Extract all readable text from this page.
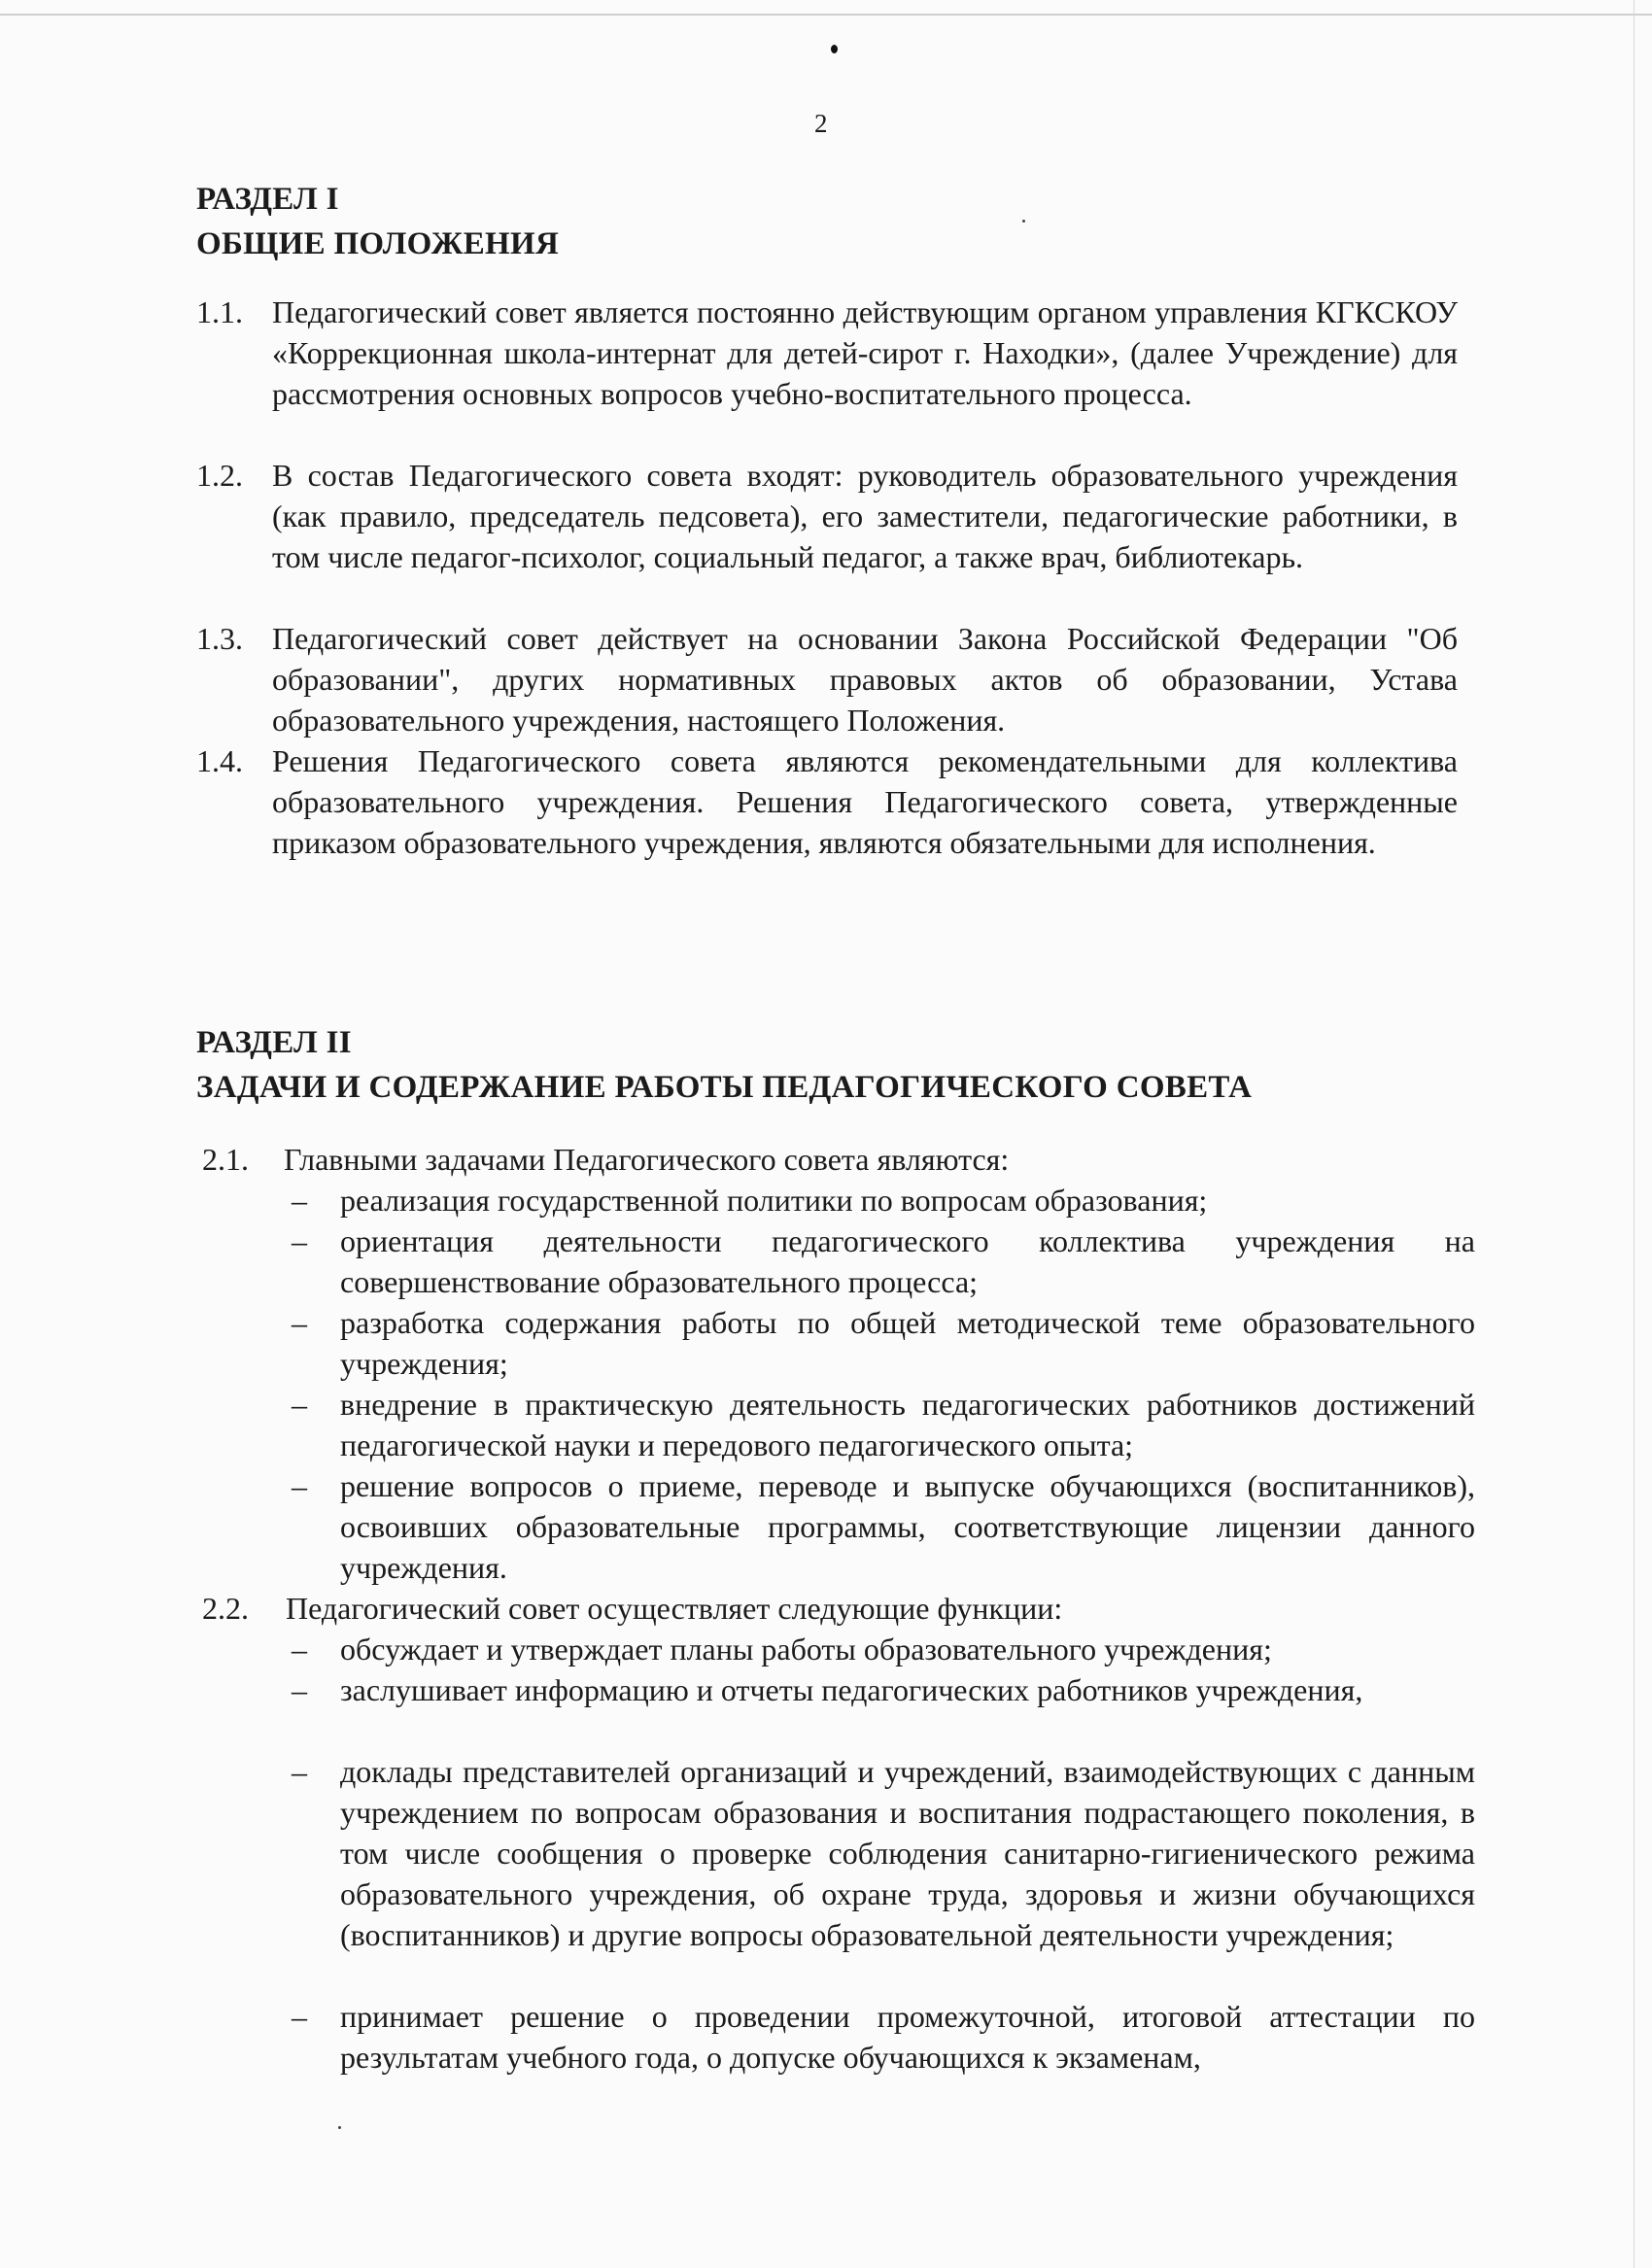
2
РАЗДЕЛ I
ОБЩИЕ ПОЛОЖЕНИЯ
1.1. Педагогический совет является постоянно действующим органом управления КГКСКОУ «Коррекционная школа-интернат для детей-сирот г. Находки», (далее Учреждение) для рассмотрения основных вопросов учебно-воспитательного процесса.
1.2. В состав Педагогического совета входят: руководитель образовательного учреждения (как правило, председатель педсовета), его заместители, педагогические работники, в том числе педагог-психолог, социальный педагог, а также врач, библиотекарь.
1.3. Педагогический совет действует на основании Закона Российской Федерации "Об образовании", других нормативных правовых актов об образовании, Устава образовательного учреждения, настоящего Положения.
1.4. Решения Педагогического совета являются рекомендательными для коллектива образовательного учреждения. Решения Педагогического совета, утвержденные приказом образовательного учреждения, являются обязательными для исполнения.
РАЗДЕЛ II
ЗАДАЧИ И СОДЕРЖАНИЕ РАБОТЫ ПЕДАГОГИЧЕСКОГО СОВЕТА
2.1. Главными задачами Педагогического совета являются:
– реализация государственной политики по вопросам образования;
– ориентация деятельности педагогического коллектива учреждения на совершенствование образовательного процесса;
– разработка содержания работы по общей методической теме образовательного учреждения;
– внедрение в практическую деятельность педагогических работников достижений педагогической науки и передового педагогического опыта;
– решение вопросов о приеме, переводе и выпуске обучающихся (воспитанников), освоивших образовательные программы, соответствующие лицензии данного учреждения.
2.2. Педагогический совет осуществляет следующие функции:
– обсуждает и утверждает планы работы образовательного учреждения;
– заслушивает информацию и отчеты педагогических работников учреждения,
– доклады представителей организаций и учреждений, взаимодействующих с данным учреждением по вопросам образования и воспитания подрастающего поколения, в том числе сообщения о проверке соблюдения санитарно-гигиенического режима образовательного учреждения, об охране труда, здоровья и жизни обучающихся (воспитанников) и другие вопросы образовательной деятельности учреждения;
– принимает решение о проведении промежуточной, итоговой аттестации по результатам учебного года, о допуске обучающихся к экзаменам,
